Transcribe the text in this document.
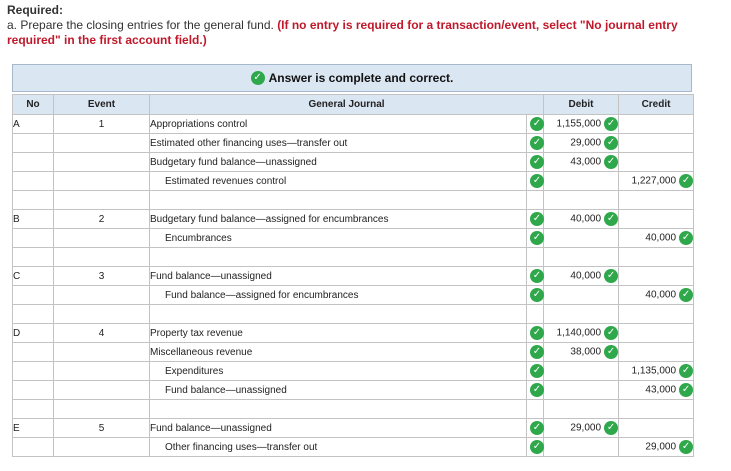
Required:
a. Prepare the closing entries for the general fund. (If no entry is required for a transaction/event, select "No journal entry required" in the first account field.)
✓ Answer is complete and correct.
No	Event	General Journal		Debit	Credit
A	1	Appropriations control	✓	1,155,000 ✓	
		Estimated other financing uses—transfer out	✓	29,000 ✓	
		Budgetary fund balance—unassigned	✓	43,000 ✓	
		Estimated revenues control	✓		1,227,000 ✓

B	2	Budgetary fund balance—assigned for encumbrances	✓	40,000 ✓	
		Encumbrances	✓		40,000 ✓

C	3	Fund balance—unassigned	✓	40,000 ✓	
		Fund balance—assigned for encumbrances	✓		40,000 ✓

D	4	Property tax revenue	✓	1,140,000 ✓	
		Miscellaneous revenue	✓	38,000 ✓	
		Expenditures	✓		1,135,000 ✓
		Fund balance—unassigned	✓		43,000 ✓

E	5	Fund balance—unassigned	✓	29,000 ✓	
		Other financing uses—transfer out	✓		29,000 ✓
